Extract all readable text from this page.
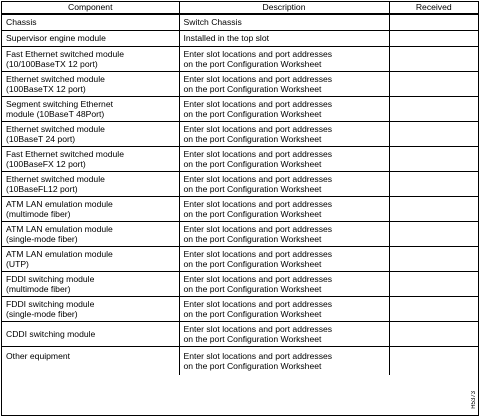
Component	Description	Received

Chassis	Switch Chassis	

Supervisor engine module	Installed in the top slot	

Fast Ethernet switched module
(10/100BaseTX 12 port)	Enter slot locations and port addresses
on the port Configuration Worksheet	

Ethernet switched module
(100BaseTX 12 port)	Enter slot locations and port addresses
on the port Configuration Worksheet	

Segment switching Ethernet
module (10BaseT 48Port)	Enter slot locations and port addresses
on the port Configuration Worksheet	

Ethernet switched module
(10BaseT 24 port)	Enter slot locations and port addresses
on the port Configuration Worksheet	

Fast Ethernet switched module
(100BaseFX 12 port)	Enter slot locations and port addresses
on the port Configuration Worksheet	

Ethernet switched module
(10BaseFL12 port)	Enter slot locations and port addresses
on the port Configuration Worksheet	

ATM LAN emulation module
(multimode fiber)	Enter slot locations and port addresses
on the port Configuration Worksheet	

ATM LAN emulation module
(single-mode fiber)	Enter slot locations and port addresses
on the port Configuration Worksheet	

ATM LAN emulation module
(UTP)	Enter slot locations and port addresses
on the port Configuration Worksheet	

FDDI switching module
(multimode fiber)	Enter slot locations and port addresses
on the port Configuration Worksheet	

FDDI switching module
(single-mode fiber)	Enter slot locations and port addresses
on the port Configuration Worksheet	

CDDI switching module	Enter slot locations and port addresses
on the port Configuration Worksheet	

Other equipment	Enter slot locations and port addresses
on the port Configuration Worksheet	

H5373
